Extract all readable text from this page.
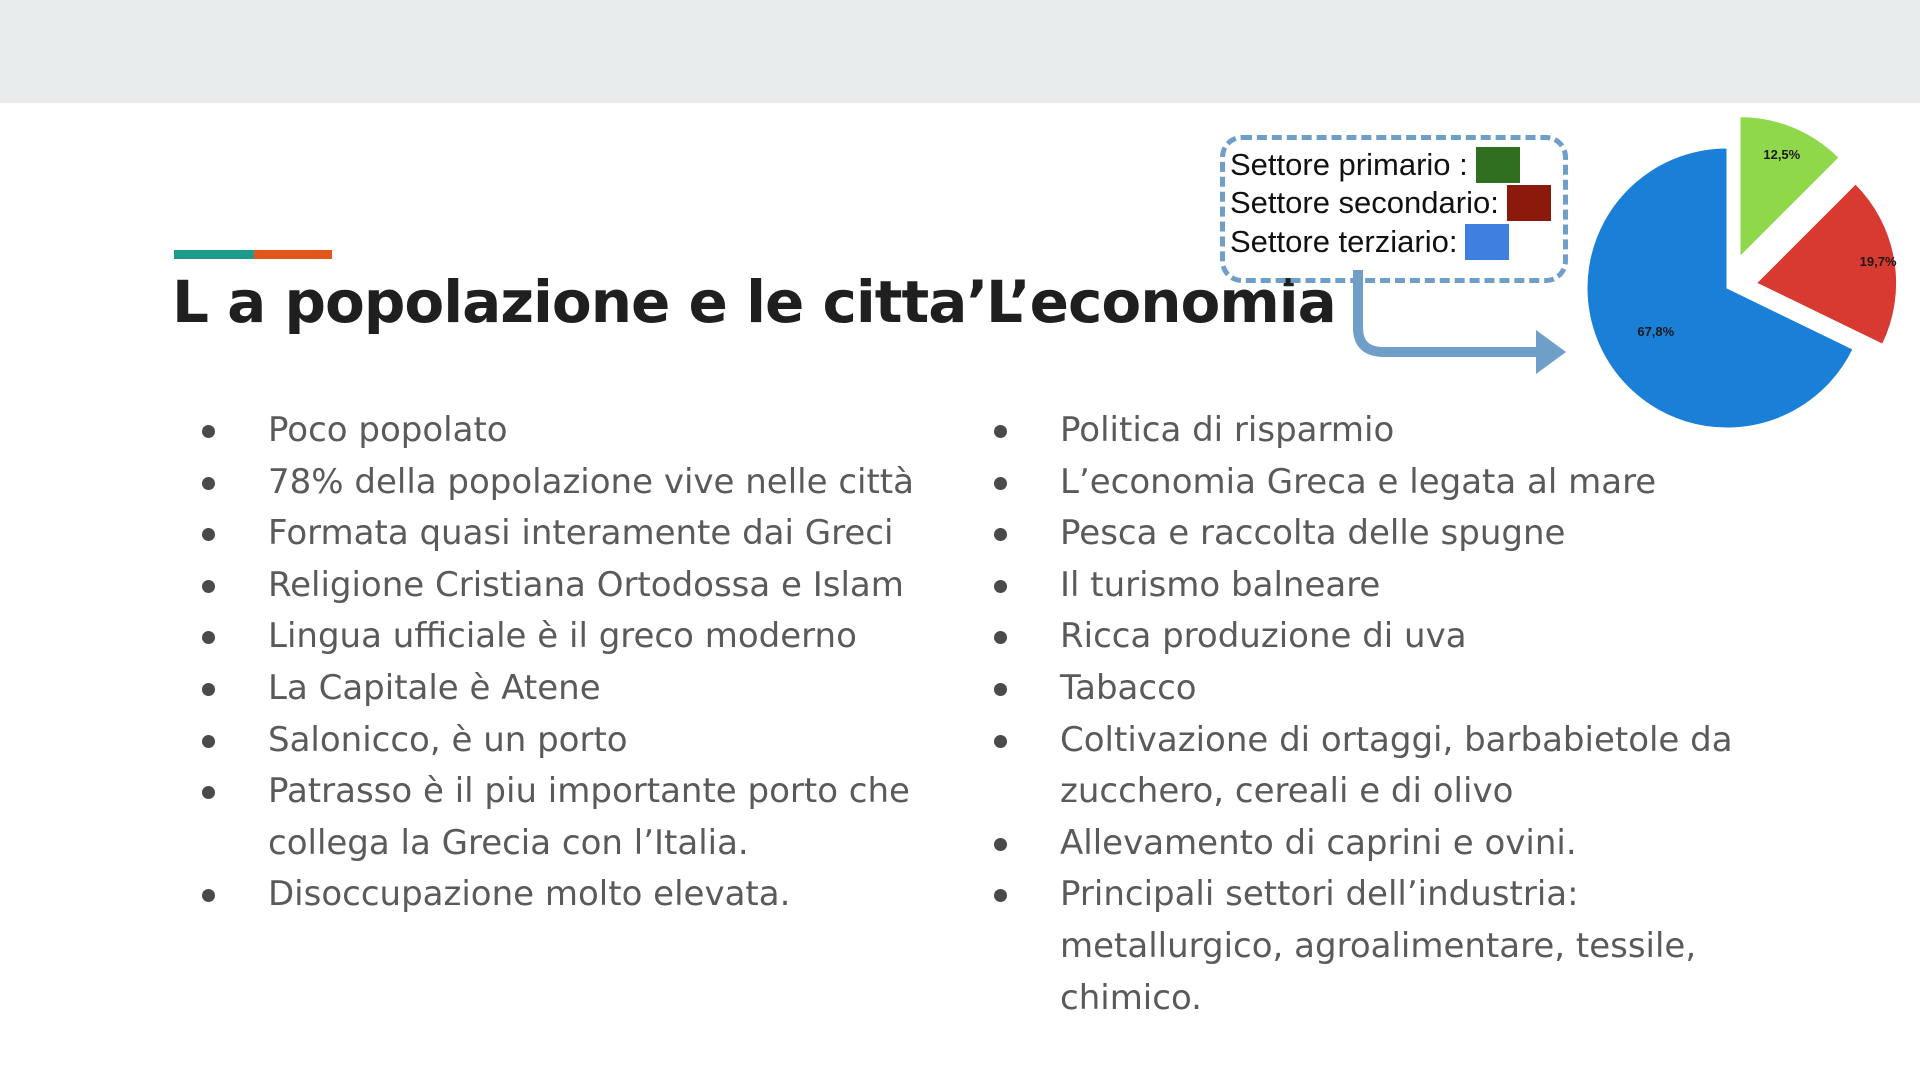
L a popolazione e le citta’
L’economia
Poco popolato
78% della popolazione vive nelle città
Formata quasi interamente dai Greci
Religione Cristiana Ortodossa e Islam
Lingua ufficiale è il greco moderno
La Capitale è Atene
Salonicco, è un porto
Patrasso è il piu importante porto che collega la Grecia con l’Italia.
Disoccupazione molto elevata.
Politica di risparmio
L’economia Greca e legata al mare
Pesca e raccolta delle spugne
Il turismo balneare
Ricca produzione di uva
Tabacco
Coltivazione di ortaggi, barbabietole da zucchero, cereali e di olivo
Allevamento di caprini e ovini.
Principali settori dell’industria: metallurgico, agroalimentare, tessile, chimico.
Settore primario :
Settore secondario:
Settore terziario:
12,5%
19,7%
67,8%
